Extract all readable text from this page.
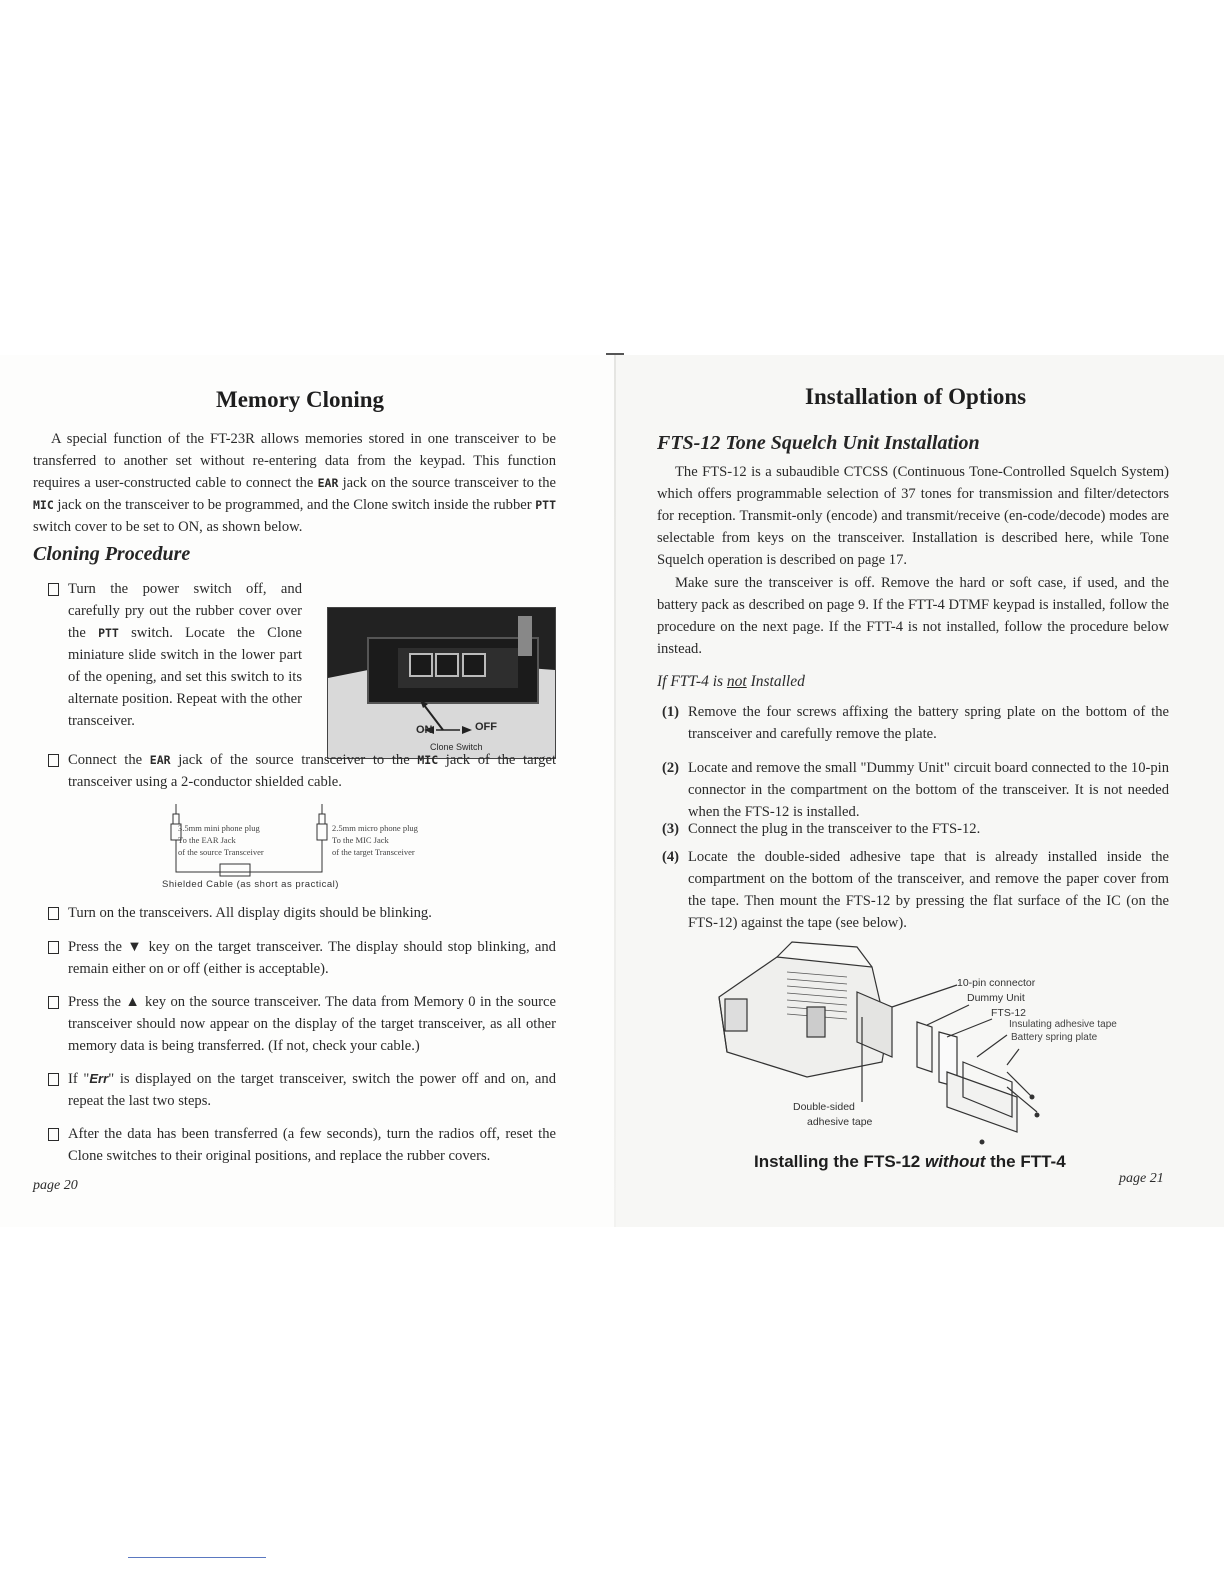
Memory Cloning
A special function of the FT-23R allows memories stored in one transceiver to be transferred to another set without re-entering data from the keypad. This function requires a user-constructed cable to connect the EAR jack on the source transceiver to the MIC jack on the transceiver to be programmed, and the Clone switch inside the rubber PTT switch cover to be set to ON, as shown below.
Cloning Procedure
Turn the power switch off, and carefully pry out the rubber cover over the PTT switch. Locate the Clone miniature slide switch in the lower part of the opening, and set this switch to its alternate position. Repeat with the other transceiver.
ON	OFF
Clone Switch
Connect the EAR jack of the source transceiver to the MIC jack of the target transceiver using a 2-conductor shielded cable.
3.5mm mini phone plug
To the EAR Jack
of the source Transceiver
2.5mm micro phone plug
To the MIC Jack
of the target Transceiver
Shielded Cable (as short as practical)
Turn on the transceivers. All display digits should be blinking.
Press the ▼ key on the target transceiver. The display should stop blinking, and remain either on or off (either is acceptable).
Press the ▲ key on the source transceiver. The data from Memory 0 in the source transceiver should now appear on the display of the target transceiver, as all other memory data is being transferred. (If not, check your cable.)
If "Err" is displayed on the target transceiver, switch the power off and on, and repeat the last two steps.
After the data has been transferred (a few seconds), turn the radios off, reset the Clone switches to their original positions, and replace the rubber covers.
page 20
Installation of Options
FTS-12 Tone Squelch Unit Installation
The FTS-12 is a subaudible CTCSS (Continuous Tone-Controlled Squelch System) which offers programmable selection of 37 tones for transmission and filter/detectors for reception. Transmit-only (encode) and transmit/receive (en-code/decode) modes are selectable from keys on the transceiver. Installation is described here, while Tone Squelch operation is described on page 17.
Make sure the transceiver is off. Remove the hard or soft case, if used, and the battery pack as described on page 9. If the FTT-4 DTMF keypad is installed, follow the procedure on the next page. If the FTT-4 is not installed, follow the procedure below instead.
If FTT-4 is not Installed
(1) Remove the four screws affixing the battery spring plate on the bottom of the transceiver and carefully remove the plate.
(2) Locate and remove the small "Dummy Unit" circuit board connected to the 10-pin connector in the compartment on the bottom of the transceiver. It is not needed when the FTS-12 is installed.
(3) Connect the plug in the transceiver to the FTS-12.
(4) Locate the double-sided adhesive tape that is already installed inside the compartment on the bottom of the transceiver, and remove the paper cover from the tape. Then mount the FTS-12 by pressing the flat surface of the IC (on the FTS-12) against the tape (see below).
10-pin connector
Dummy Unit
FTS-12
Insulating adhesive tape
Battery spring plate
Double-sided
adhesive tape
Installing the FTS-12 without the FTT-4
page 21
